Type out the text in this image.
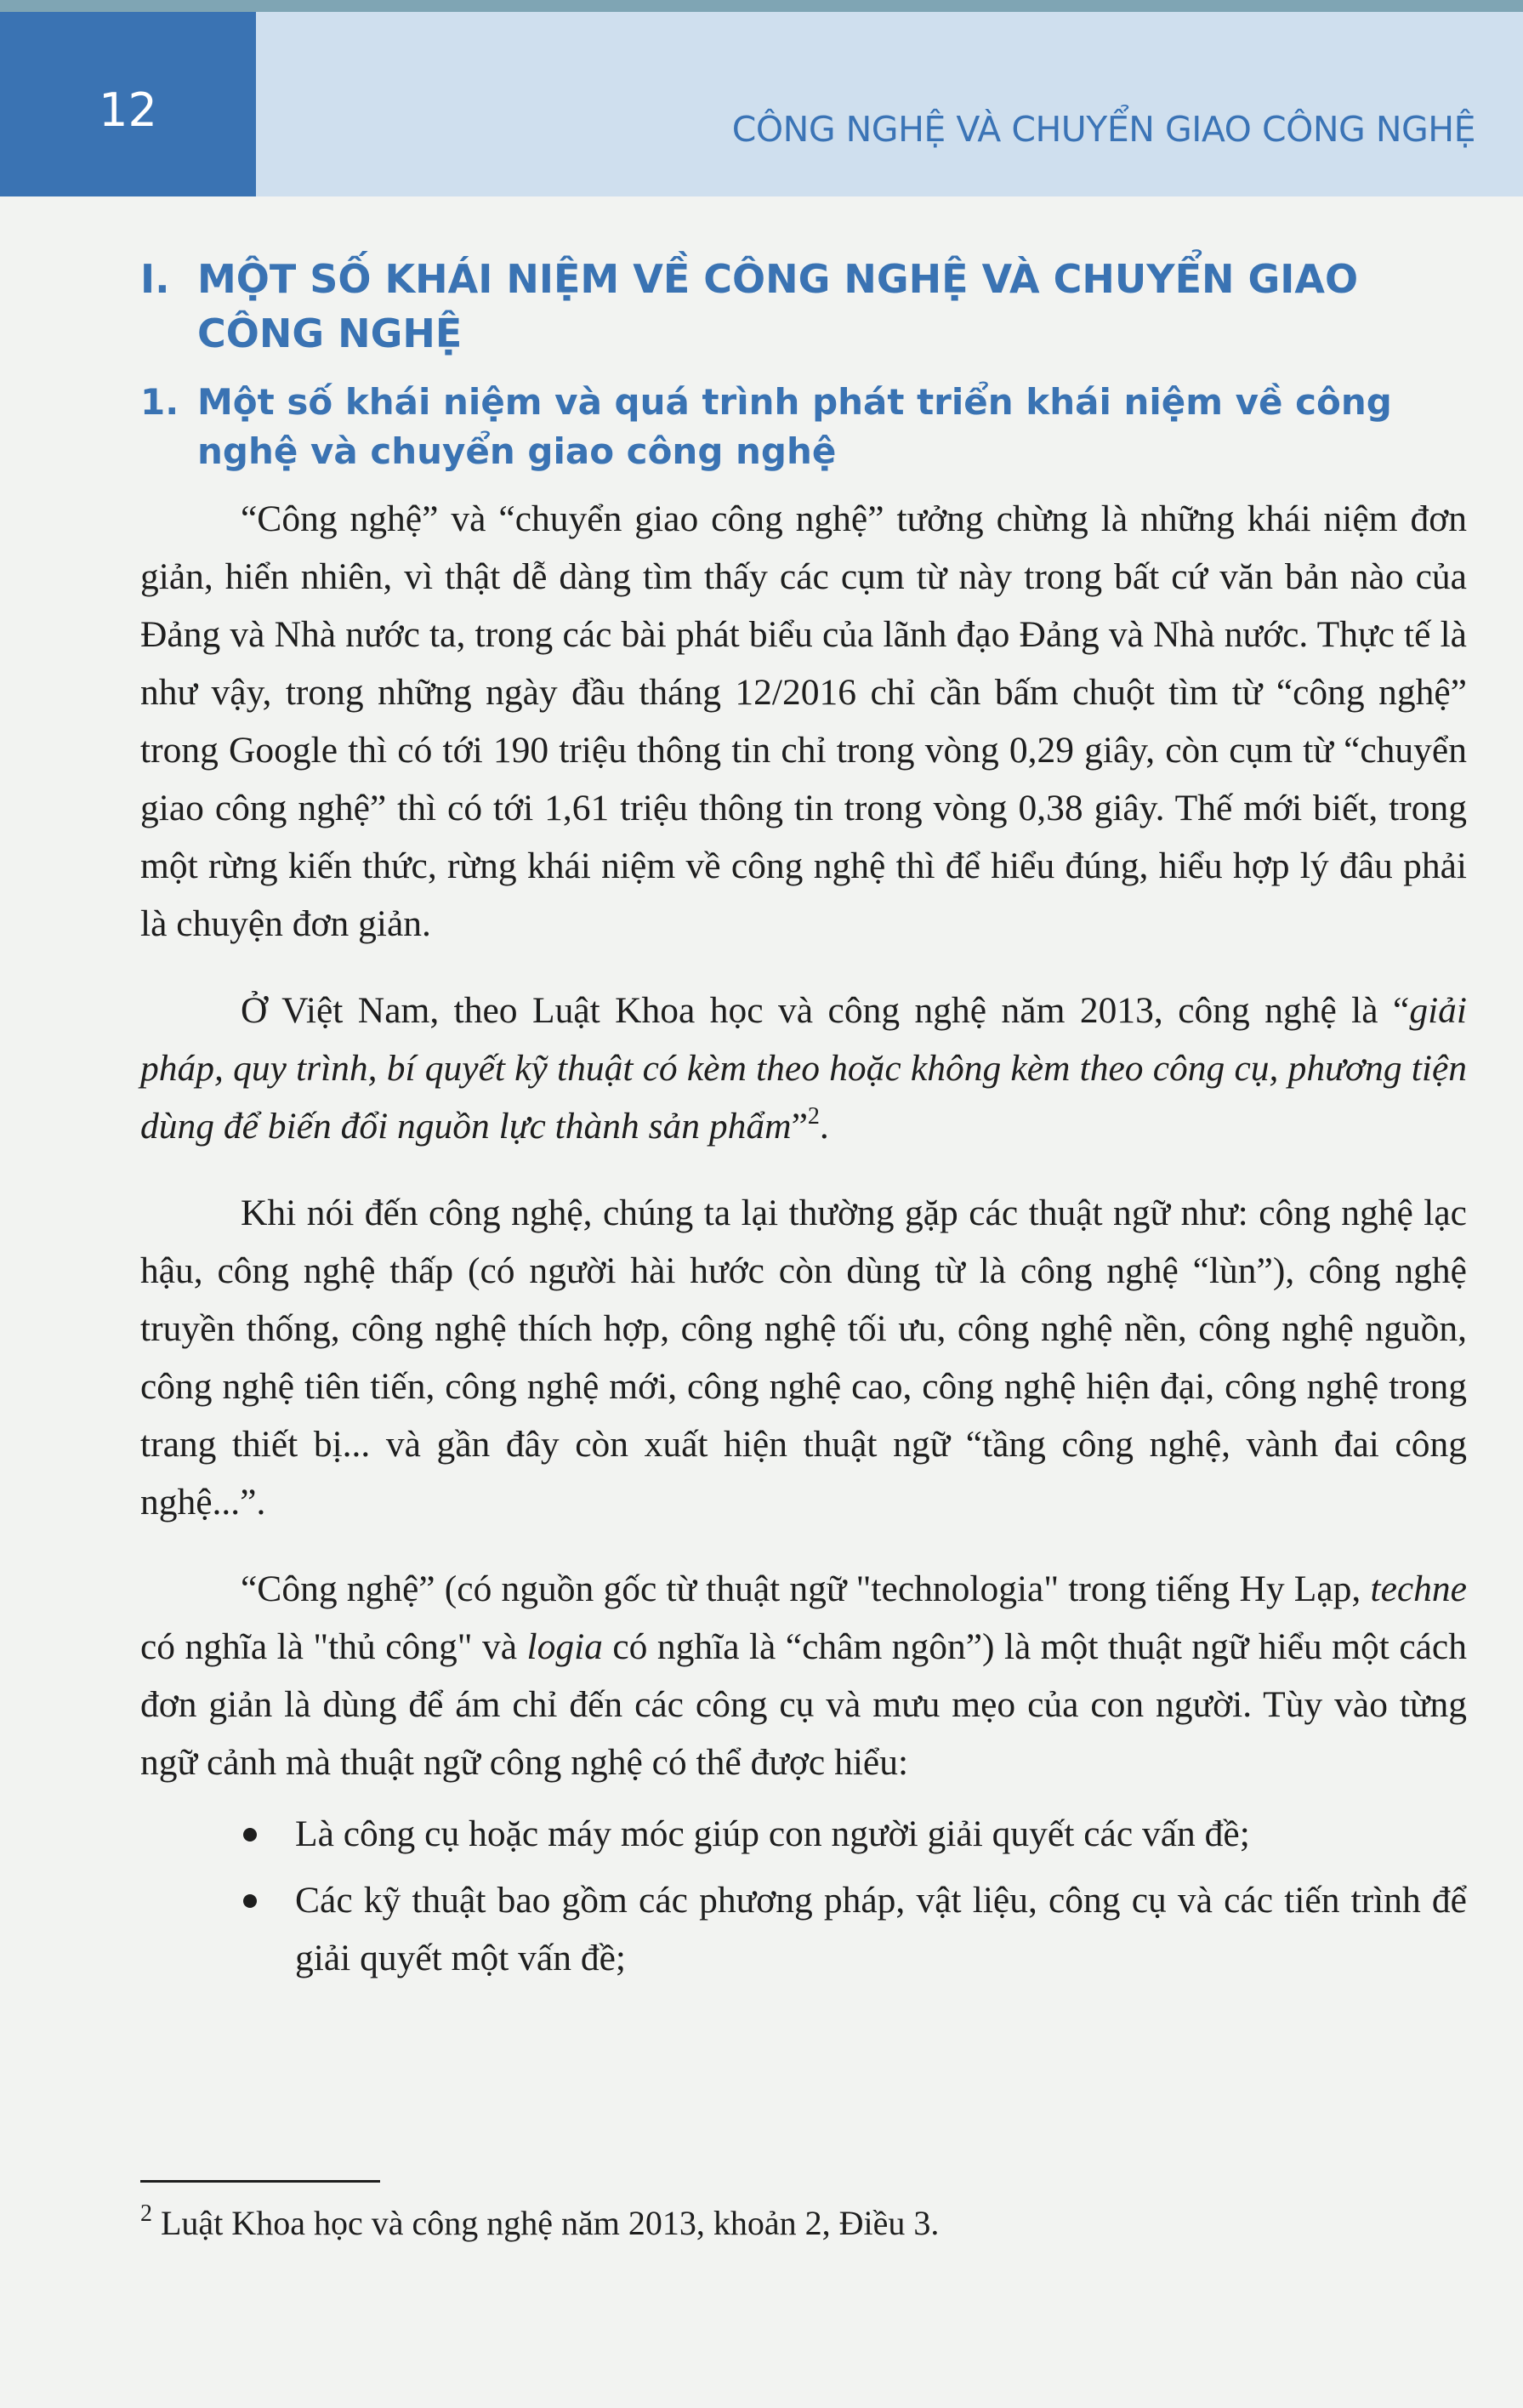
12	CÔNG NGHỆ VÀ CHUYỂN GIAO CÔNG NGHỆ
I. MỘT SỐ KHÁI NIỆM VỀ CÔNG NGHỆ VÀ CHUYỂN GIAO CÔNG NGHỆ
1. Một số khái niệm và quá trình phát triển khái niệm về công nghệ và chuyển giao công nghệ

“Công nghệ” và “chuyển giao công nghệ” tưởng chừng là những khái niệm đơn giản, hiển nhiên, vì thật dễ dàng tìm thấy các cụm từ này trong bất cứ văn bản nào của Đảng và Nhà nước ta, trong các bài phát biểu của lãnh đạo Đảng và Nhà nước. Thực tế là như vậy, trong những ngày đầu tháng 12/2016 chỉ cần bấm chuột tìm từ “công nghệ” trong Google thì có tới 190 triệu thông tin chỉ trong vòng 0,29 giây, còn cụm từ “chuyển giao công nghệ” thì có tới 1,61 triệu thông tin trong vòng 0,38 giây. Thế mới biết, trong một rừng kiến thức, rừng khái niệm về công nghệ thì để hiểu đúng, hiểu hợp lý đâu phải là chuyện đơn giản.

Ở Việt Nam, theo Luật Khoa học và công nghệ năm 2013, công nghệ là “giải pháp, quy trình, bí quyết kỹ thuật có kèm theo hoặc không kèm theo công cụ, phương tiện dùng để biến đổi nguồn lực thành sản phẩm”$^2$.

Khi nói đến công nghệ, chúng ta lại thường gặp các thuật ngữ như: công nghệ lạc hậu, công nghệ thấp (có người hài hước còn dùng từ là công nghệ “lùn”), công nghệ truyền thống, công nghệ thích hợp, công nghệ tối ưu, công nghệ nền, công nghệ nguồn, công nghệ tiên tiến, công nghệ mới, công nghệ cao, công nghệ hiện đại, công nghệ trong trang thiết bị... và gần đây còn xuất hiện thuật ngữ “tầng công nghệ, vành đai công nghệ...”.

“Công nghệ” (có nguồn gốc từ thuật ngữ "technologia" trong tiếng Hy Lạp, techne có nghĩa là "thủ công" và logia có nghĩa là “châm ngôn”) là một thuật ngữ hiểu một cách đơn giản là dùng để ám chỉ đến các công cụ và mưu mẹo của con người. Tùy vào từng ngữ cảnh mà thuật ngữ công nghệ có thể được hiểu:

Là công cụ hoặc máy móc giúp con người giải quyết các vấn đề;
Các kỹ thuật bao gồm các phương pháp, vật liệu, công cụ và các tiến trình để giải quyết một vấn đề;
$^2$ Luật Khoa học và công nghệ năm 2013, khoản 2, Điều 3.
